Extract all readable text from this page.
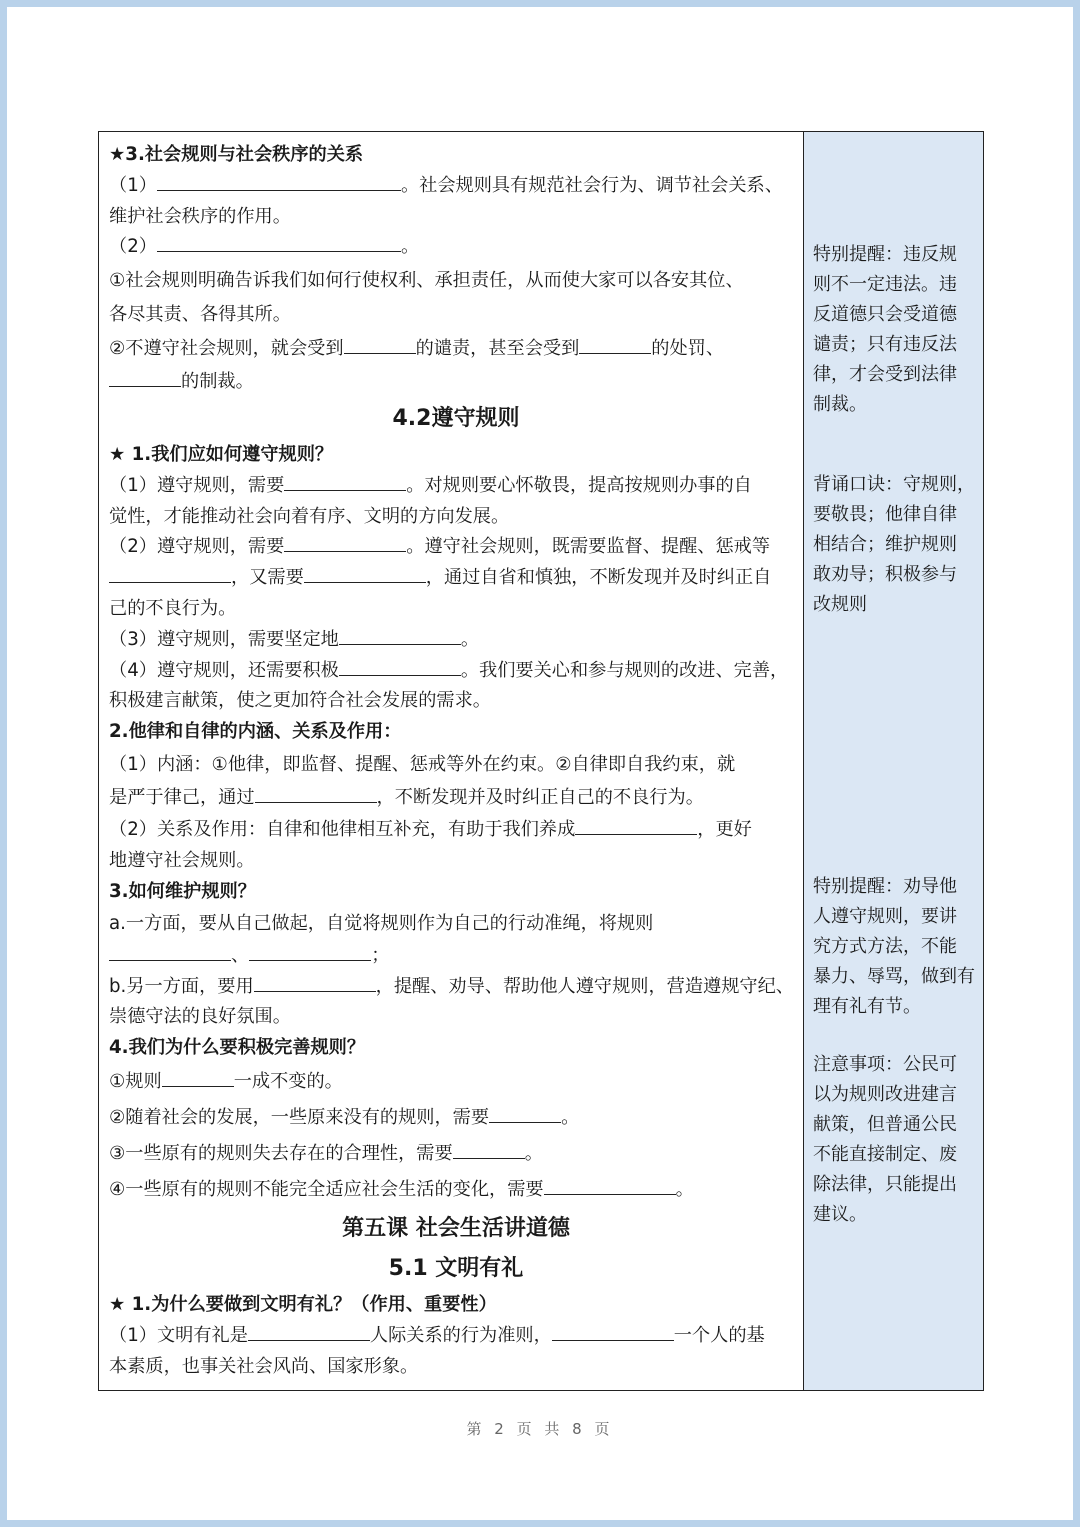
★3.社会规则与社会秩序的关系

（1）	。社会规则具有规范社会行为、调节社会关系、

维护社会秩序的作用。

（2）	。

①社会规则明确告诉我们如何行使权利、承担责任，从而使大家可以各安其位、

各尽其责、各得其所。

②不遵守社会规则，就会受到	的谴责，甚至会受到	的处罚、

的制裁。

4.2遵守规则

★ 1.我们应如何遵守规则？

（1）遵守规则，需要	。对规则要心怀敬畏，提高按规则办事的自

觉性，才能推动社会向着有序、文明的方向发展。

（2）遵守规则，需要	。遵守社会规则，既需要监督、提醒、惩戒等

，又需要	，通过自省和慎独，不断发现并及时纠正自

己的不良行为。

（3）遵守规则，需要坚定地	。

（4）遵守规则，还需要积极	。我们要关心和参与规则的改进、完善，

积极建言献策，使之更加符合社会发展的需求。

2.他律和自律的内涵、关系及作用：

（1）内涵：①他律，即监督、提醒、惩戒等外在约束。②自律即自我约束，就

是严于律己，通过	，不断发现并及时纠正自己的不良行为。

（2）关系及作用：自律和他律相互补充，有助于我们养成	，更好

地遵守社会规则。

3.如何维护规则？

a.一方面，要从自己做起，自觉将规则作为自己的行动准绳，将规则

、	；

b.另一方面，要用	，提醒、劝导、帮助他人遵守规则，营造遵规守纪、

崇德守法的良好氛围。

4.我们为什么要积极完善规则？

①规则	一成不变的。

②随着社会的发展，一些原来没有的规则，需要	。

③一些原有的规则失去存在的合理性，需要	。

④一些原有的规则不能完全适应社会生活的变化，需要	。

第五课 社会生活讲道德

5.1 文明有礼

★ 1.为什么要做到文明有礼？（作用、重要性）

（1）文明有礼是	人际关系的行为准则，	一个人的基

本素质，也事关社会风尚、国家形象。

特别提醒：违反规
则不一定违法。违
反道德只会受道德
谴责；只有违反法
律，才会受到法律
制裁。

背诵口诀：守规则，
要敬畏；他律自律
相结合；维护规则
敢劝导；积极参与
改规则

特别提醒：劝导他
人遵守规则，要讲
究方式方法，不能
暴力、辱骂，做到有
理有礼有节。

注意事项：公民可
以为规则改进建言
献策，但普通公民
不能直接制定、废
除法律，只能提出
建议。

第 2 页 共 8 页
